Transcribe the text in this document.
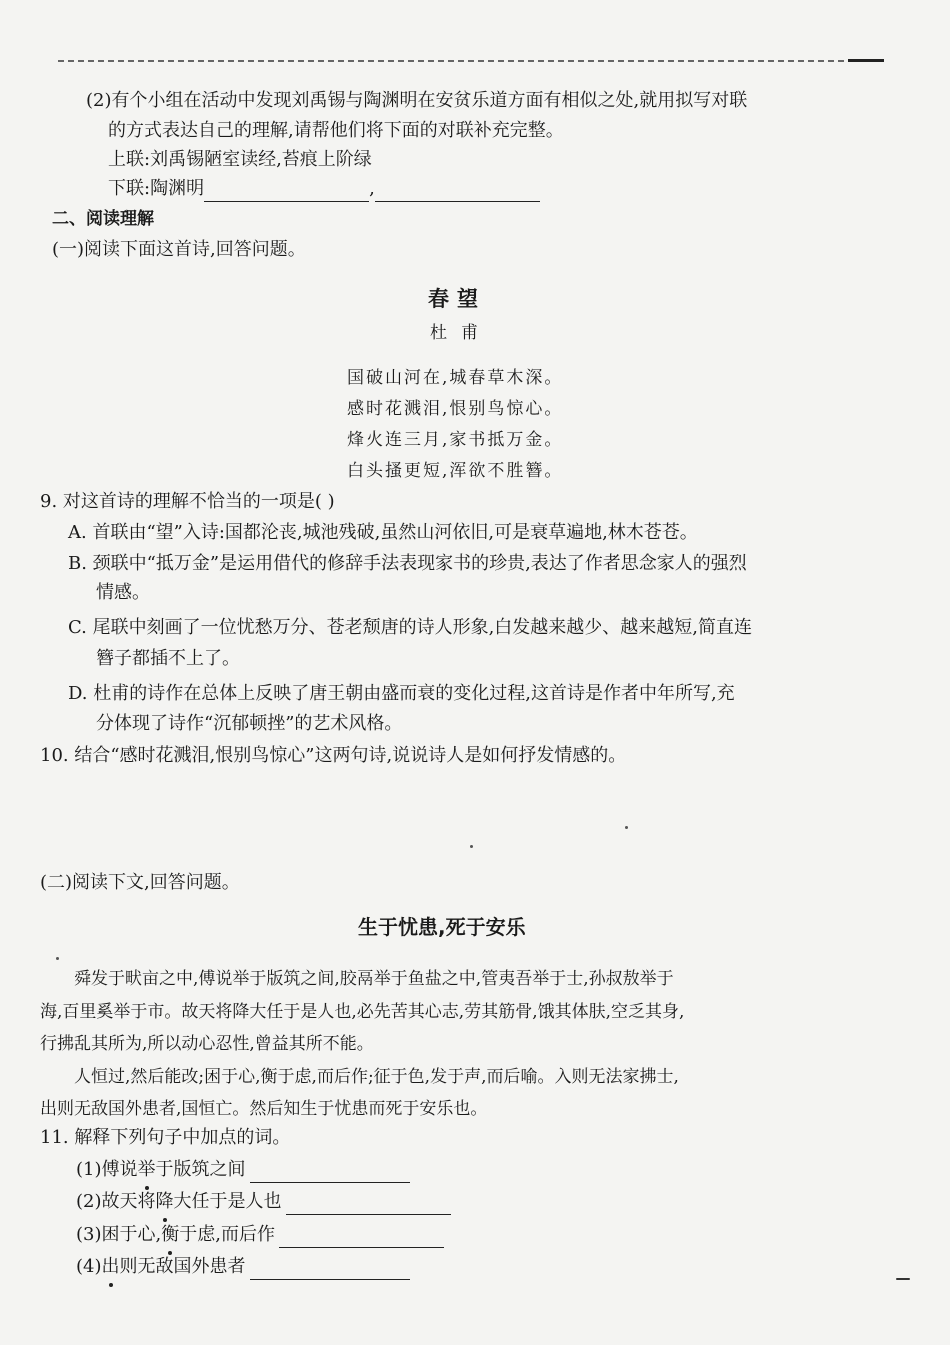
(2)有个小组在活动中发现刘禹锡与陶渊明在安贫乐道方面有相似之处,就用拟写对联
的方式表达自己的理解,请帮他们将下面的对联补充完整。
上联:刘禹锡陋室读经,苔痕上阶绿
下联:陶渊明	,
二、阅读理解
(一)阅读下面这首诗,回答问题。
春望
杜甫
国破山河在,城春草木深。
感时花溅泪,恨别鸟惊心。
烽火连三月,家书抵万金。
白头搔更短,浑欲不胜簪。
9. 对这首诗的理解不恰当的一项是( )
A. 首联由“望”入诗:国都沦丧,城池残破,虽然山河依旧,可是衰草遍地,林木苍苍。
B. 颈联中“抵万金”是运用借代的修辞手法表现家书的珍贵,表达了作者思念家人的强烈
情感。
C. 尾联中刻画了一位忧愁万分、苍老颓唐的诗人形象,白发越来越少、越来越短,简直连
簪子都插不上了。
D. 杜甫的诗作在总体上反映了唐王朝由盛而衰的变化过程,这首诗是作者中年所写,充
分体现了诗作“沉郁顿挫”的艺术风格。
10. 结合“感时花溅泪,恨别鸟惊心”这两句诗,说说诗人是如何抒发情感的。
(二)阅读下文,回答问题。
生于忧患,死于安乐
舜发于畎亩之中,傅说举于版筑之间,胶鬲举于鱼盐之中,管夷吾举于士,孙叔敖举于
海,百里奚举于市。故天将降大任于是人也,必先苦其心志,劳其筋骨,饿其体肤,空乏其身,
行拂乱其所为,所以动心忍性,曾益其所不能。
人恒过,然后能改;困于心,衡于虑,而后作;征于色,发于声,而后喻。入则无法家拂士,
出则无敌国外患者,国恒亡。然后知生于忧患而死于安乐也。
11. 解释下列句子中加点的词。
(1)傅说举于版筑之间
(2)故天将降大任于是人也
(3)困于心,衡于虑,而后作
(4)出则无敌国外患者
